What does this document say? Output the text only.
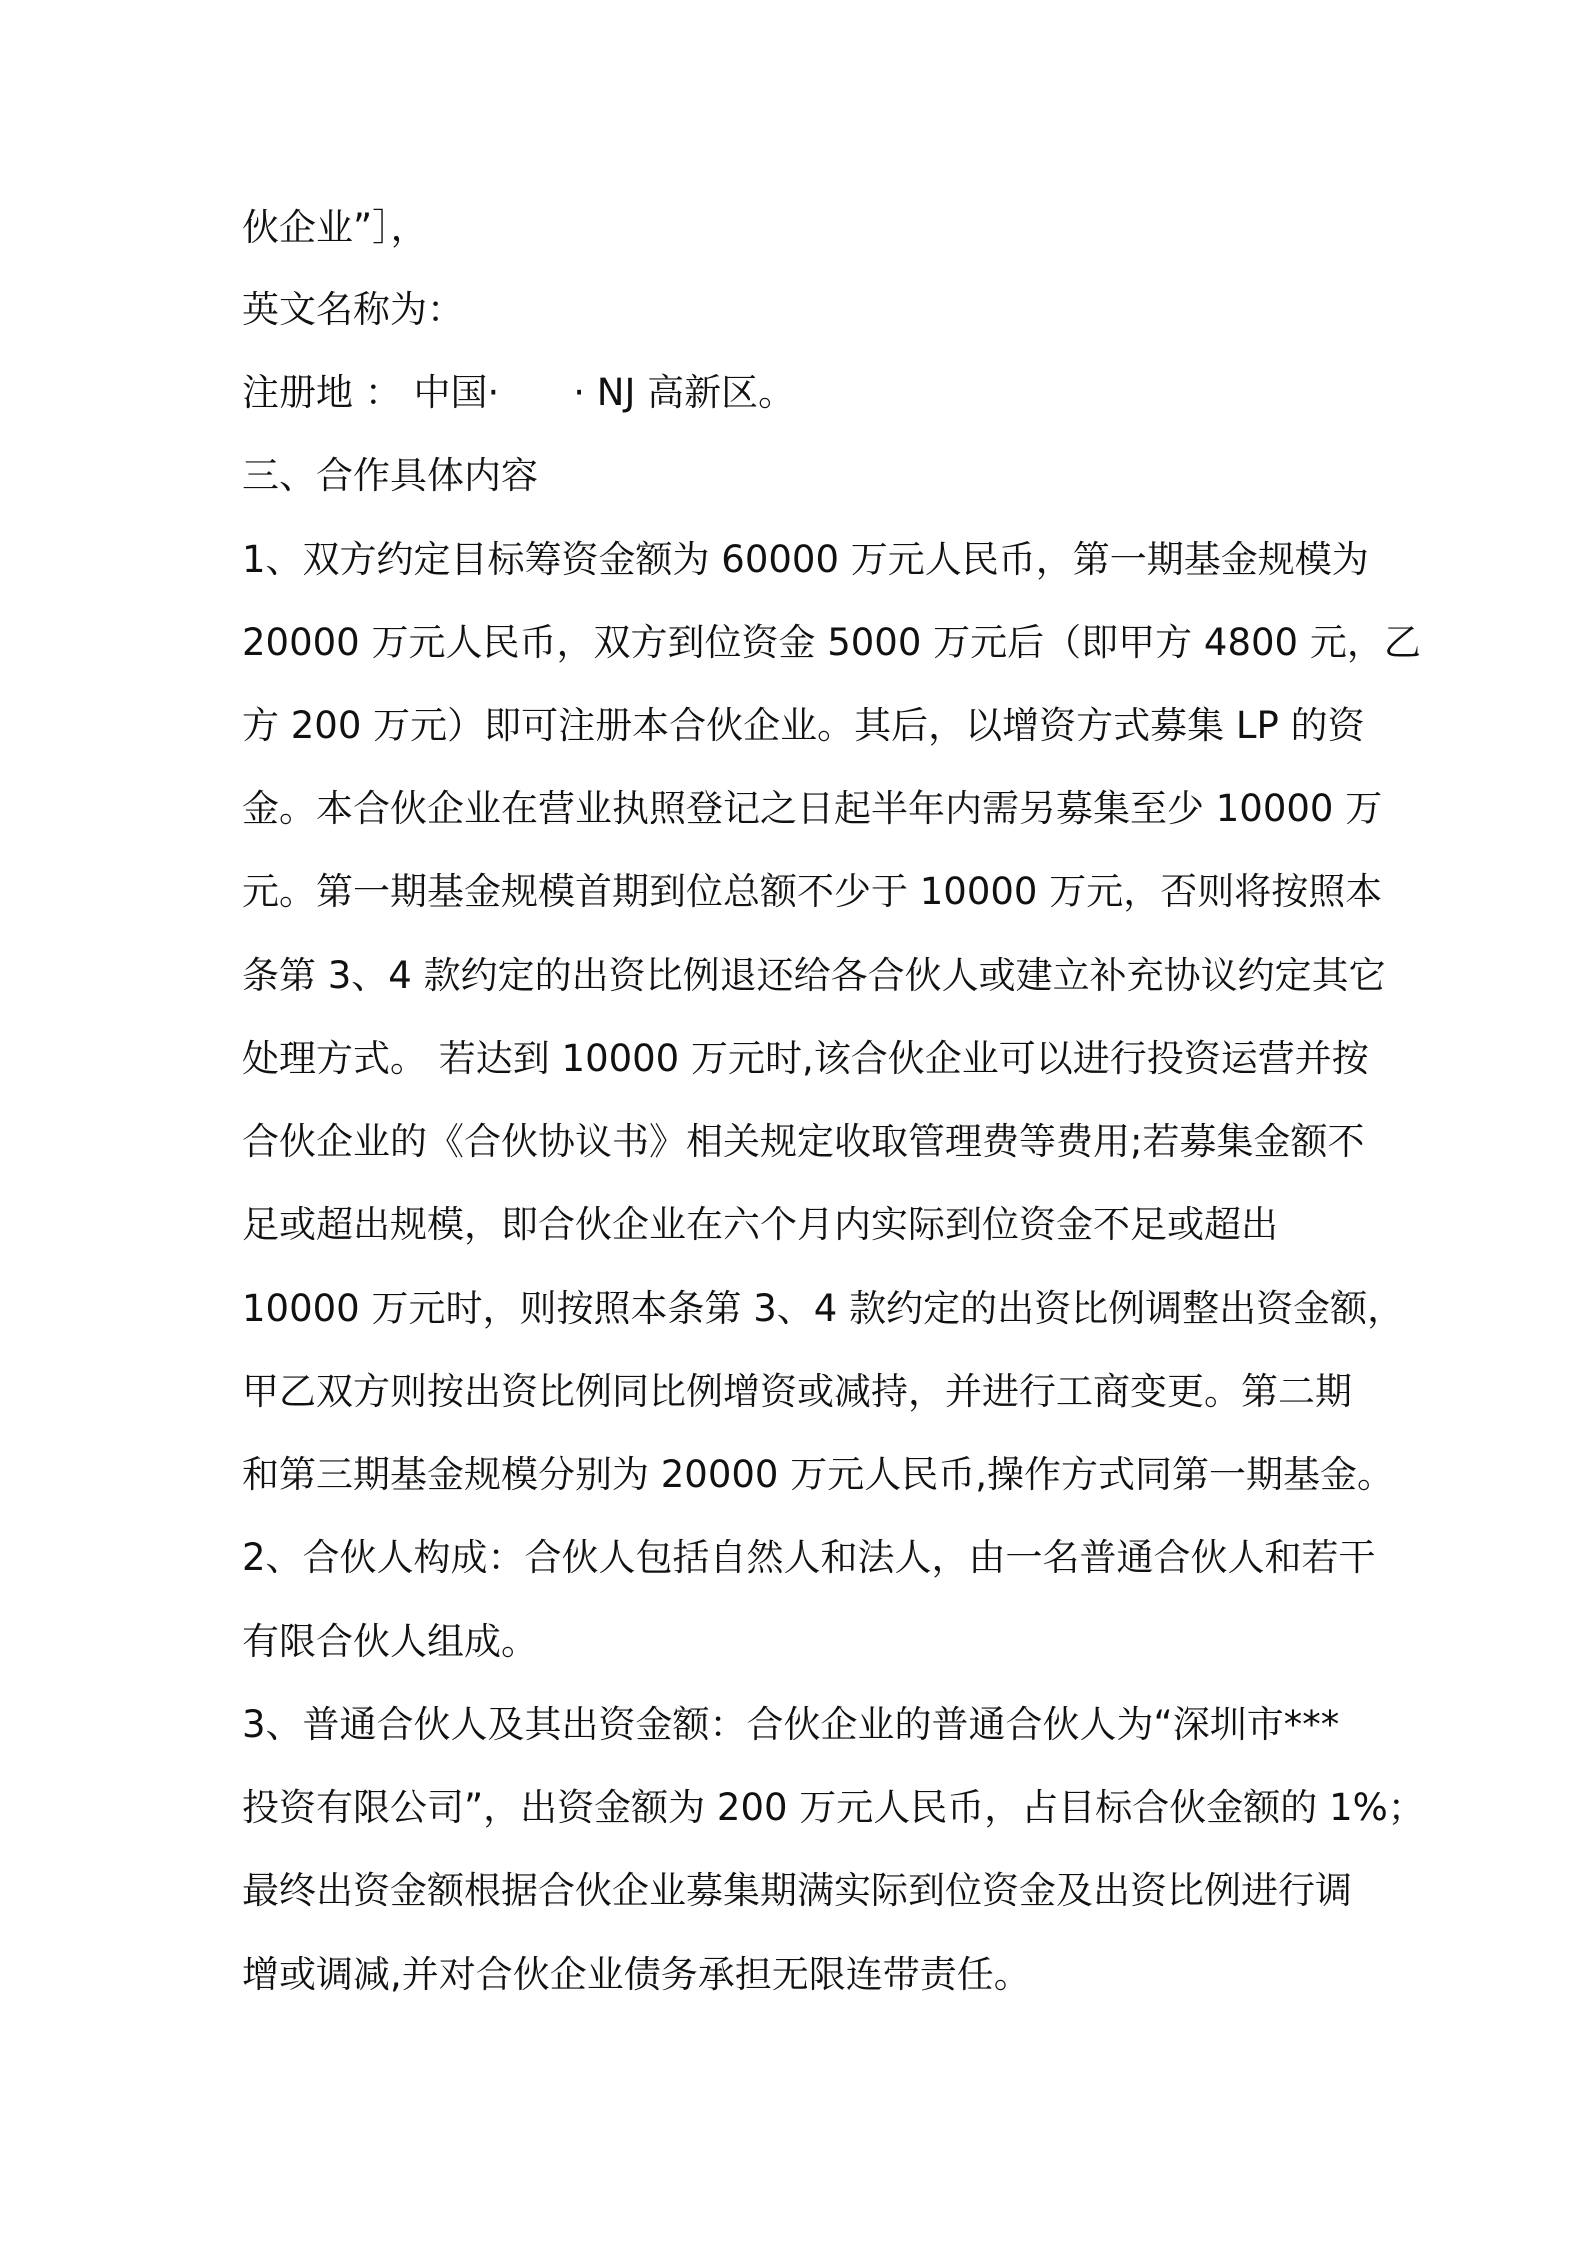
伙企业”］，
英文名称为：
注册地 ： 中国·　　· NJ 高新区。
三、合作具体内容
1、双方约定目标筹资金额为 60000 万元人民币，第一期基金规模为
20000 万元人民币，双方到位资金 5000 万元后（即甲方 4800 元，乙
方 200 万元）即可注册本合伙企业。其后，以增资方式募集 LP 的资
金。本合伙企业在营业执照登记之日起半年内需另募集至少 10000 万
元。第一期基金规模首期到位总额不少于 10000 万元，否则将按照本
条第 3、4 款约定的出资比例退还给各合伙人或建立补充协议约定其它
处理方式。 若达到 10000 万元时,该合伙企业可以进行投资运营并按
合伙企业的《合伙协议书》相关规定收取管理费等费用;若募集金额不
足或超出规模，即合伙企业在六个月内实际到位资金不足或超出
10000 万元时，则按照本条第 3、4 款约定的出资比例调整出资金额，
甲乙双方则按出资比例同比例增资或减持，并进行工商变更。第二期
和第三期基金规模分别为 20000 万元人民币,操作方式同第一期基金。
2、合伙人构成：合伙人包括自然人和法人，由一名普通合伙人和若干
有限合伙人组成。
3、普通合伙人及其出资金额：合伙企业的普通合伙人为“深圳市***
投资有限公司”，出资金额为 200 万元人民币，占目标合伙金额的 1%；
最终出资金额根据合伙企业募集期满实际到位资金及出资比例进行调
增或调减,并对合伙企业债务承担无限连带责任。
